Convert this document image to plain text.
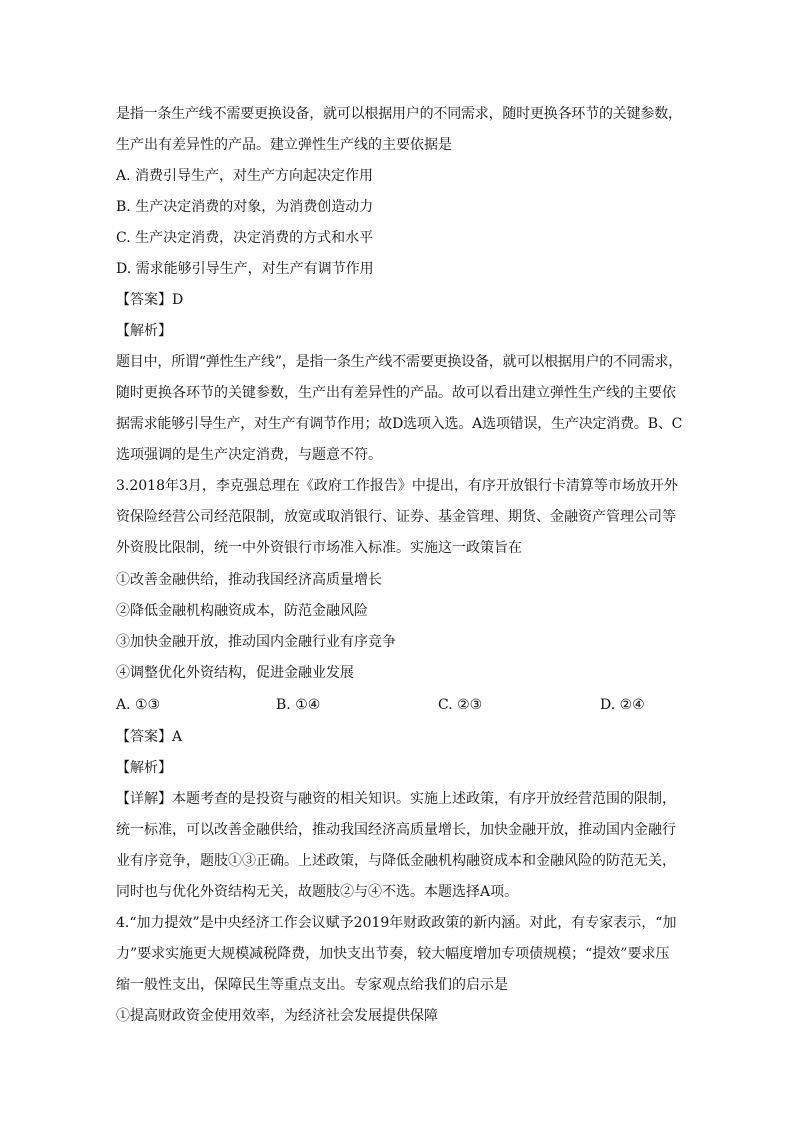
是指一条生产线不需要更换设备，就可以根据用户的不同需求，随时更换各环节的关键参数，
生产出有差异性的产品。建立弹性生产线的主要依据是
A. 消费引导生产，对生产方向起决定作用
B. 生产决定消费的对象，为消费创造动力
C. 生产决定消费，决定消费的方式和水平
D. 需求能够引导生产，对生产有调节作用
【答案】D
【解析】
题目中，所谓“弹性生产线”，是指一条生产线不需要更换设备，就可以根据用户的不同需求，
随时更换各环节的关键参数，生产出有差异性的产品。故可以看出建立弹性生产线的主要依
据需求能够引导生产，对生产有调节作用；故D选项入选。A选项错误，生产决定消费。B、C
选项强调的是生产决定消费，与题意不符。
3.2018年3月，李克强总理在《政府工作报告》中提出，有序开放银行卡清算等市场放开外
资保险经营公司经范限制，放宽或取消银行、证券、基金管理、期货、金融资产管理公司等
外资股比限制，统一中外资银行市场准入标准。实施这一政策旨在
①改善金融供给，推动我国经济高质量增长
②降低金融机构融资成本，防范金融风险
③加快金融开放，推动国内金融行业有序竞争
④调整优化外资结构，促进金融业发展
A. ①③	B. ①④	C. ②③	D. ②④
【答案】A
【解析】
【详解】本题考查的是投资与融资的相关知识。实施上述政策，有序开放经营范围的限制，
统一标准，可以改善金融供给，推动我国经济高质量增长，加快金融开放，推动国内金融行
业有序竞争，题肢①③正确。上述政策，与降低金融机构融资成本和金融风险的防范无关，
同时也与优化外资结构无关，故题肢②与④不选。本题选择A项。
4.“加力提效”是中央经济工作会议赋予2019年财政政策的新内涵。对此，有专家表示，“加
力”要求实施更大规模减税降费，加快支出节奏，较大幅度增加专项债规模；“提效”要求压
缩一般性支出，保障民生等重点支出。专家观点给我们的启示是
①提高财政资金使用效率，为经济社会发展提供保障
